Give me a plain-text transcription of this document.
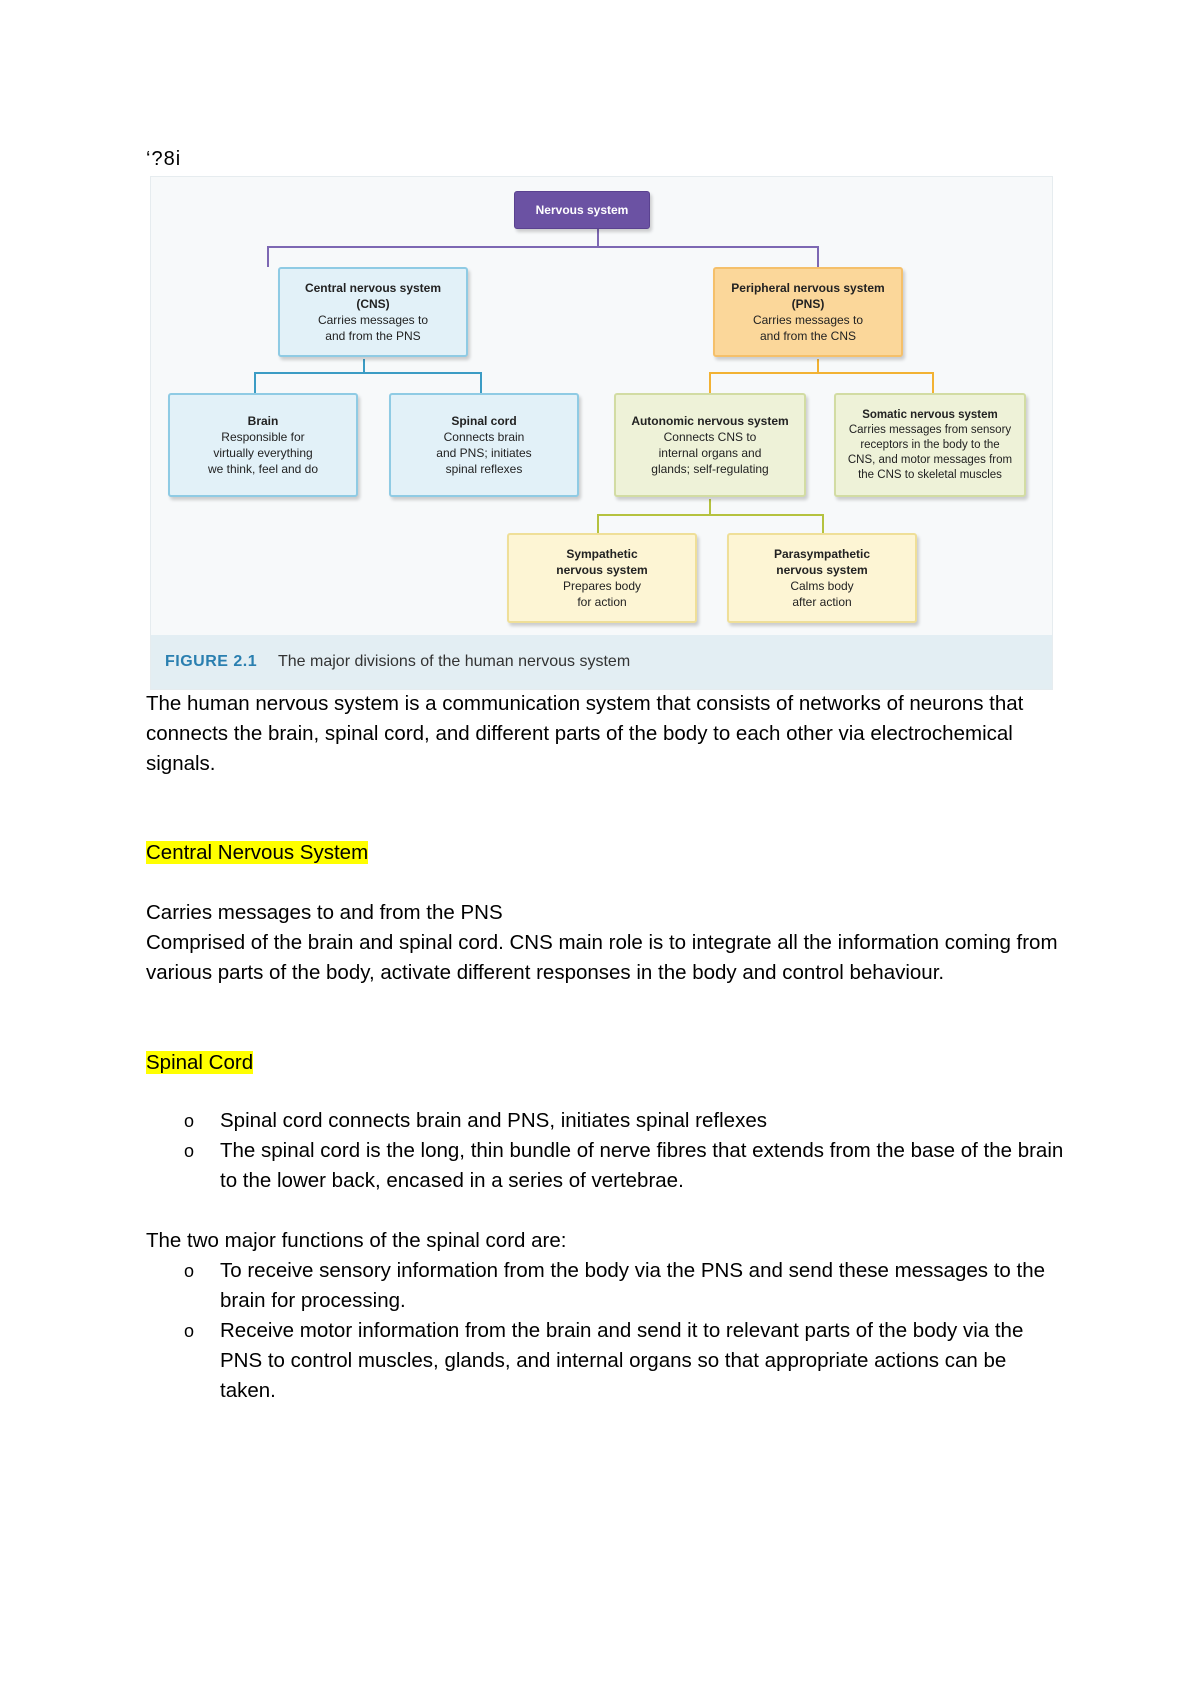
‘?8i
Nervous system
Central nervous system
(CNS)
Carries messages to
and from the PNS
Peripheral nervous system
(PNS)
Carries messages to
and from the CNS
Brain
Responsible for
virtually everything
we think, feel and do
Spinal cord
Connects brain
and PNS; initiates
spinal reflexes
Autonomic nervous system
Connects CNS to
internal organs and
glands; self-regulating
Somatic nervous system
Carries messages from sensory
receptors in the body to the
CNS, and motor messages from
the CNS to skeletal muscles
Sympathetic
nervous system
Prepares body
for action
Parasympathetic
nervous system
Calms body
after action
FIGURE 2.1 The major divisions of the human nervous system
The human nervous system is a communication system that consists of networks of neurons that connects the brain, spinal cord, and different parts of the body to each other via electrochemical signals.
Central Nervous System
Carries messages to and from the PNS
Comprised of the brain and spinal cord. CNS main role is to integrate all the information coming from various parts of the body, activate different responses in the body and control behaviour.
Spinal Cord
o Spinal cord connects brain and PNS, initiates spinal reflexes
o The spinal cord is the long, thin bundle of nerve fibres that extends from the base of the brain to the lower back, encased in a series of vertebrae.
The two major functions of the spinal cord are:
o To receive sensory information from the body via the PNS and send these messages to the brain for processing.
o Receive motor information from the brain and send it to relevant parts of the body via the PNS to control muscles, glands, and internal organs so that appropriate actions can be taken.
